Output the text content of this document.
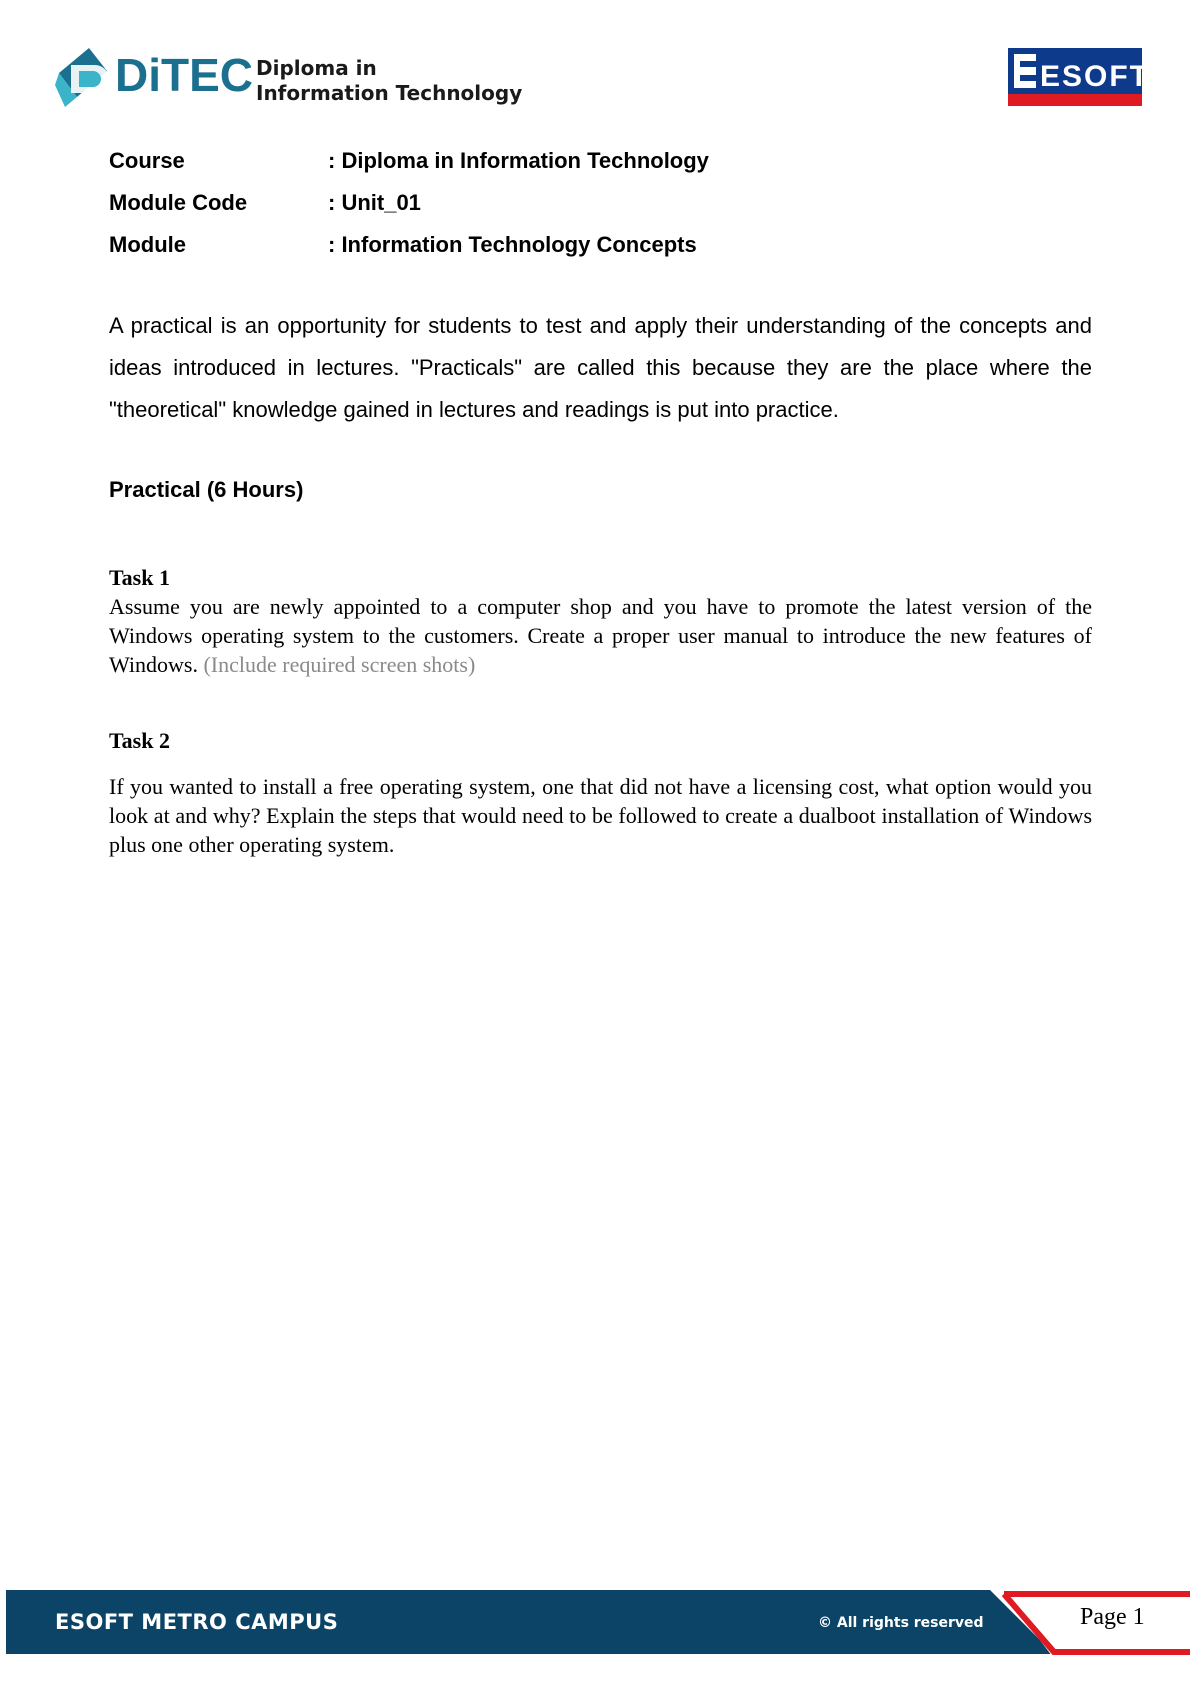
DiTEC Diploma in
Information Technology	ESOFT
Course	: Diploma in Information Technology
Module Code	: Unit_01
Module	: Information Technology Concepts

A practical is an opportunity for students to test and apply their understanding of the concepts and ideas introduced in lectures. "Practicals" are called this because they are the place where the "theoretical" knowledge gained in lectures and readings is put into practice.

Practical (6 Hours)
Task 1
Assume you are newly appointed to a computer shop and you have to promote the latest version of the Windows operating system to the customers. Create a proper user manual to introduce the new features of Windows. (Include required screen shots)
Task 2
If you wanted to install a free operating system, one that did not have a licensing cost, what option would you look at and why? Explain the steps that would need to be followed to create a dualboot installation of Windows plus one other operating system.
ESOFT METRO CAMPUS	© All rights reserved	Page 1
